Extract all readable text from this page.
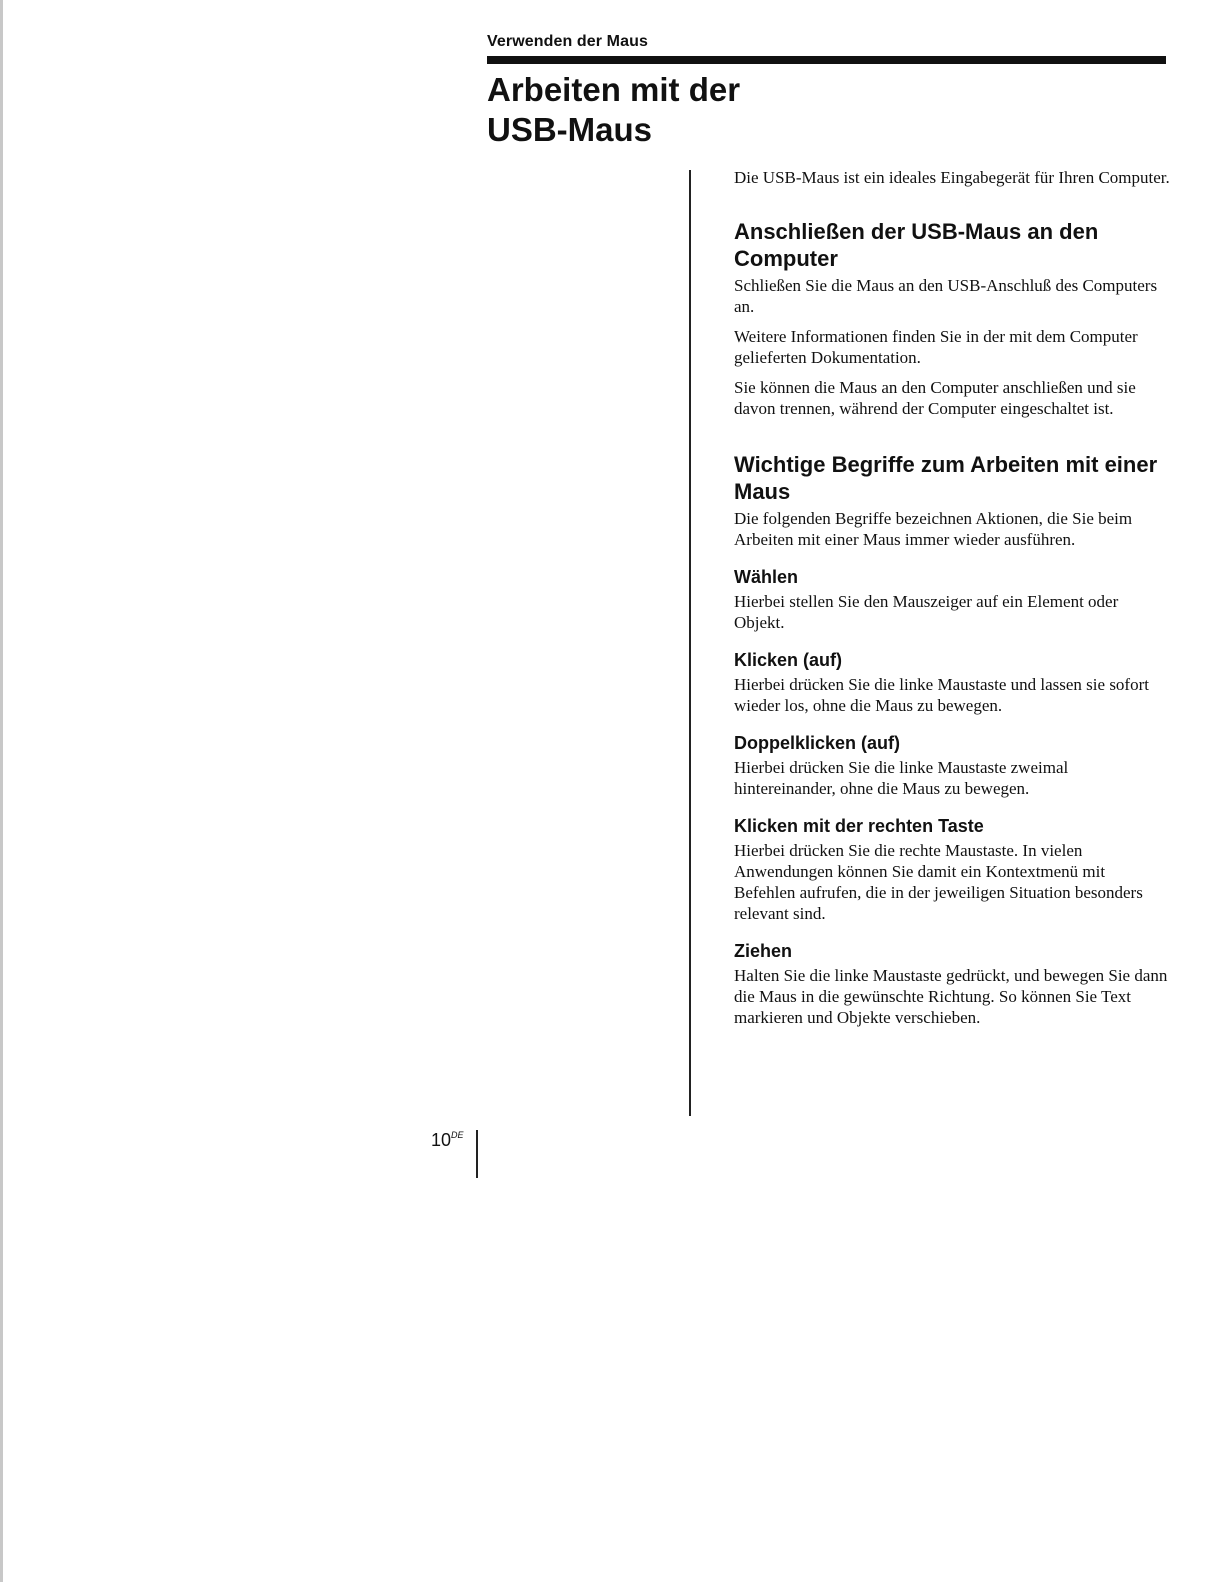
Verwenden der Maus
Arbeiten mit der
USB-Maus

Die USB-Maus ist ein ideales Eingabegerät für Ihren Computer.

Anschließen der USB-Maus an den Computer

Schließen Sie die Maus an den USB-Anschluß des Computers an.

Weitere Informationen finden Sie in der mit dem Computer gelieferten Dokumentation.

Sie können die Maus an den Computer anschließen und sie davon trennen, während der Computer eingeschaltet ist.

Wichtige Begriffe zum Arbeiten mit einer Maus

Die folgenden Begriffe bezeichnen Aktionen, die Sie beim Arbeiten mit einer Maus immer wieder ausführen.

Wählen

Hierbei stellen Sie den Mauszeiger auf ein Element oder Objekt.

Klicken (auf)

Hierbei drücken Sie die linke Maustaste und lassen sie sofort wieder los, ohne die Maus zu bewegen.

Doppelklicken (auf)

Hierbei drücken Sie die linke Maustaste zweimal hintereinander, ohne die Maus zu bewegen.

Klicken mit der rechten Taste

Hierbei drücken Sie die rechte Maustaste. In vielen Anwendungen können Sie damit ein Kontextmenü mit Befehlen aufrufen, die in der jeweiligen Situation besonders relevant sind.

Ziehen

Halten Sie die linke Maustaste gedrückt, und bewegen Sie dann die Maus in die gewünschte Richtung. So können Sie Text markieren und Objekte verschieben.

10DE
